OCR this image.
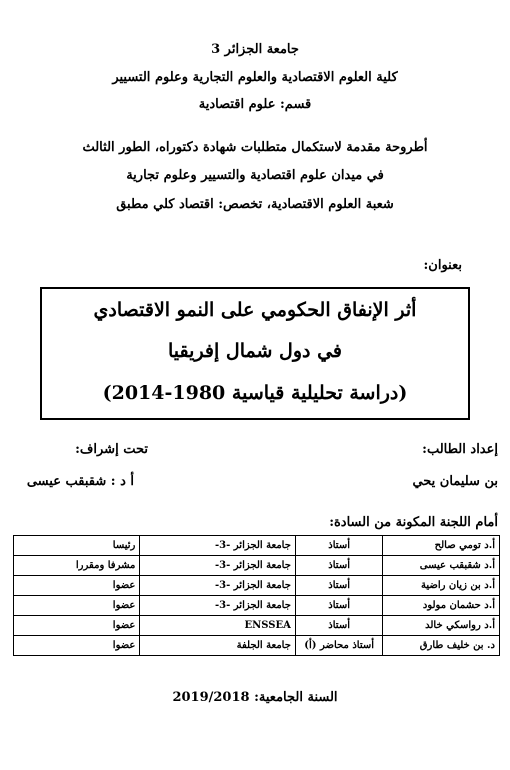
جامعة الجزائر 3
كلية العلوم الاقتصادية والعلوم التجارية وعلوم التسيير
قسم: علوم اقتصادية
أطروحة مقدمة لاستكمال متطلبات شهادة دكتوراه، الطور الثالث
في ميدان علوم اقتصادية والتسيير وعلوم تجارية
شعبة العلوم الاقتصادية، تخصص: اقتصاد كلي مطبق
بعنوان:
أثر الإنفاق الحكومي على النمو الاقتصادي
في دول شمال إفريقيا
(دراسة تحليلية قياسية 1980-2014)
إعداد الطالب:
تحت إشراف:
بن سليمان يحي
أ د : شقبقب عيسى
أمام اللجنة المكونة من السادة:
أ.د تومي صالح	أستاذ	جامعة الجزائر -3-	رئيسا
أ.د شقبقب عيسى	أستاذ	جامعة الجزائر -3-	مشرفا ومقررا
أ.د بن زيان راضية	أستاذ	جامعة الجزائر -3-	عضوا
أ.د حشمان مولود	أستاذ	جامعة الجزائر -3-	عضوا
أ.د رواسكي خالد	أستاذ	ENSSEA	عضوا
د. بن خليف طارق	أستاذ محاضر (أ)	جامعة الجلفة	عضوا
السنة الجامعية: 2019/2018
